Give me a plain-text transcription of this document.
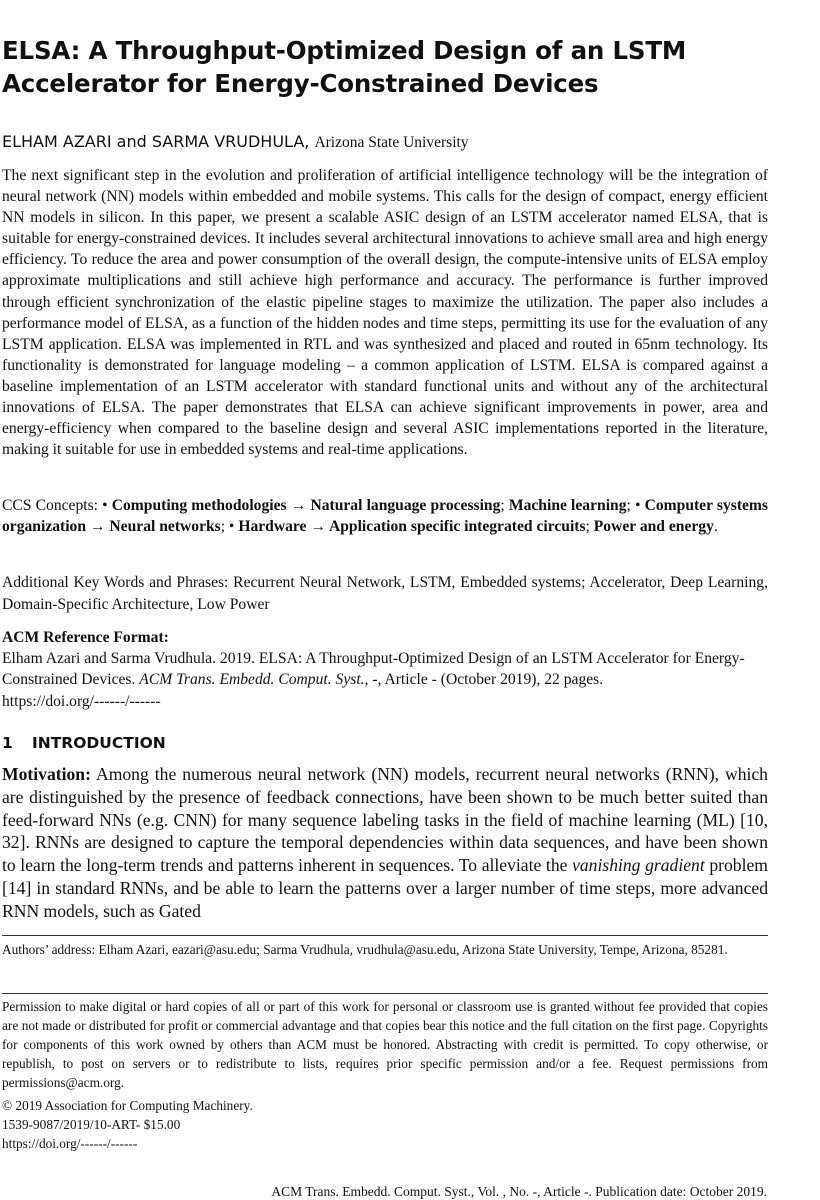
ELSA: A Throughput-Optimized Design of an LSTM
Accelerator for Energy-Constrained Devices
ELHAM AZARI and SARMA VRUDHULA, Arizona State University
The next significant step in the evolution and proliferation of artificial intelligence technology will be the integration of neural network (NN) models within embedded and mobile systems. This calls for the design of compact, energy efficient NN models in silicon. In this paper, we present a scalable ASIC design of an LSTM accelerator named ELSA, that is suitable for energy-constrained devices. It includes several architectural innovations to achieve small area and high energy efficiency. To reduce the area and power consumption of the overall design, the compute-intensive units of ELSA employ approximate multiplications and still achieve high performance and accuracy. The performance is further improved through efficient synchronization of the elastic pipeline stages to maximize the utilization. The paper also includes a performance model of ELSA, as a function of the hidden nodes and time steps, permitting its use for the evaluation of any LSTM application. ELSA was implemented in RTL and was synthesized and placed and routed in 65nm technology. Its functionality is demonstrated for language modeling – a common application of LSTM. ELSA is compared against a baseline implementation of an LSTM accelerator with standard functional units and without any of the architectural innovations of ELSA. The paper demonstrates that ELSA can achieve significant improvements in power, area and energy-efficiency when compared to the baseline design and several ASIC implementations reported in the literature, making it suitable for use in embedded systems and real-time applications.
CCS Concepts: • Computing methodologies → Natural language processing; Machine learning; • Computer systems organization → Neural networks; • Hardware → Application specific integrated circuits; Power and energy.
Additional Key Words and Phrases: Recurrent Neural Network, LSTM, Embedded systems; Accelerator, Deep Learning, Domain-Specific Architecture, Low Power
ACM Reference Format:
Elham Azari and Sarma Vrudhula. 2019. ELSA: A Throughput-Optimized Design of an LSTM Accelerator for Energy-Constrained Devices. ACM Trans. Embedd. Comput. Syst., -, Article - (October 2019), 22 pages.
https://doi.org/------/------
1 INTRODUCTION
Motivation: Among the numerous neural network (NN) models, recurrent neural networks (RNN), which are distinguished by the presence of feedback connections, have been shown to be much better suited than feed-forward NNs (e.g. CNN) for many sequence labeling tasks in the field of machine learning (ML) [10, 32]. RNNs are designed to capture the temporal dependencies within data sequences, and have been shown to learn the long-term trends and patterns inherent in sequences. To alleviate the vanishing gradient problem [14] in standard RNNs, and be able to learn the patterns over a larger number of time steps, more advanced RNN models, such as Gated
Authors’ address: Elham Azari, eazari@asu.edu; Sarma Vrudhula, vrudhula@asu.edu, Arizona State University, Tempe, Arizona, 85281.
Permission to make digital or hard copies of all or part of this work for personal or classroom use is granted without fee provided that copies are not made or distributed for profit or commercial advantage and that copies bear this notice and the full citation on the first page. Copyrights for components of this work owned by others than ACM must be honored. Abstracting with credit is permitted. To copy otherwise, or republish, to post on servers or to redistribute to lists, requires prior specific permission and/or a fee. Request permissions from permissions@acm.org.
© 2019 Association for Computing Machinery.
1539-9087/2019/10-ART- $15.00
https://doi.org/------/------
ACM Trans. Embedd. Comput. Syst., Vol. , No. -, Article -. Publication date: October 2019.
